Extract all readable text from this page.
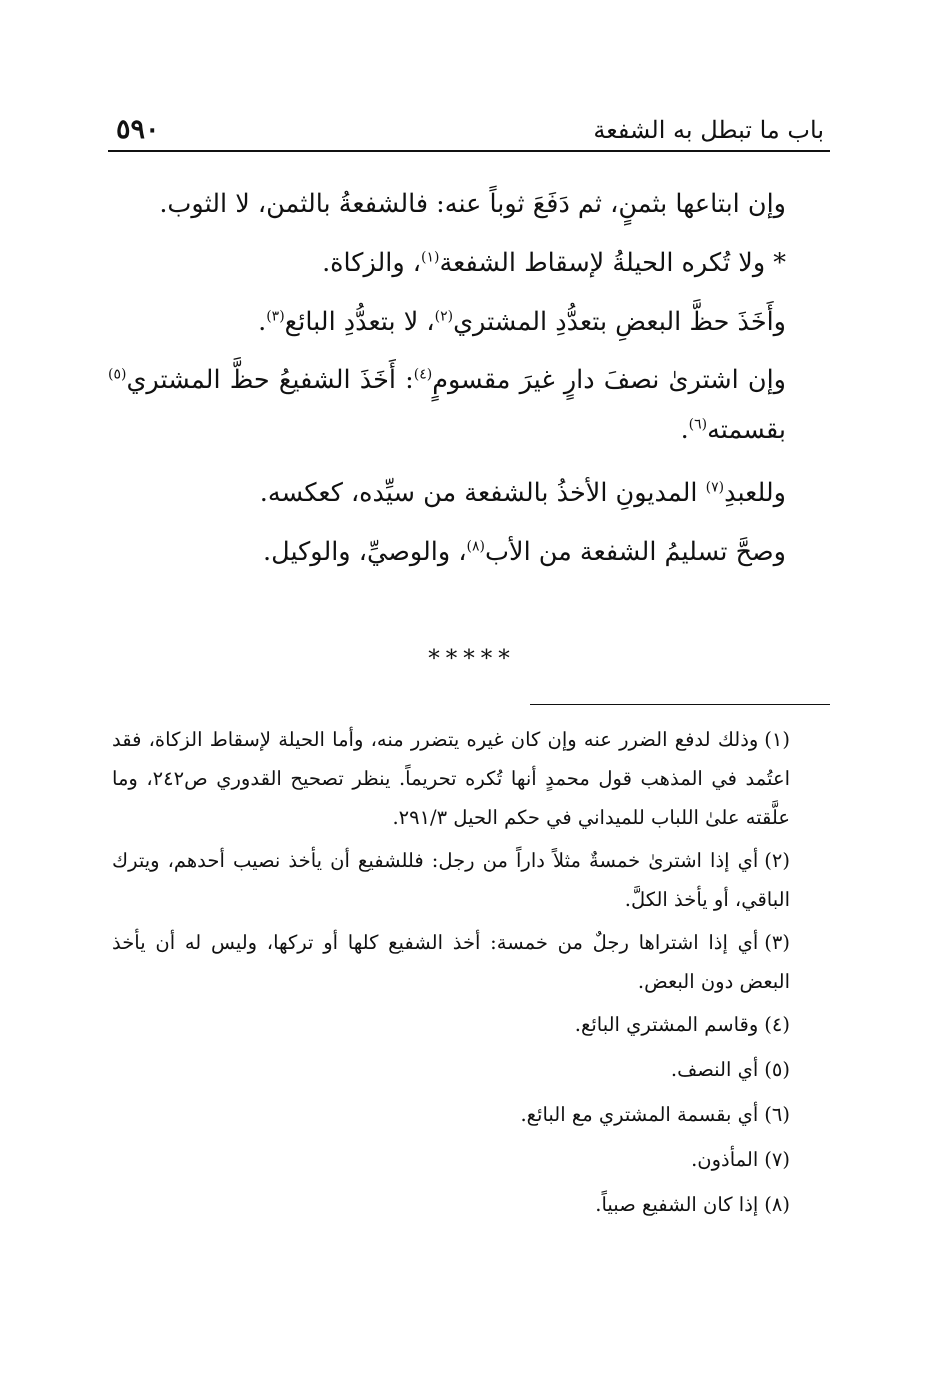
٥٩٠	باب ما تبطل به الشفعة

وإن ابتاعها بثمنٍ، ثم دَفَعَ ثوباً عنه: فالشفعةُ بالثمن، لا الثوب.

* ولا تُكره الحيلةُ لإسقاط الشفعة$^{(١)}$، والزكاة.

وأَخَذَ حظَّ البعضِ بتعدُّدِ المشتري$^{(٢)}$، لا بتعدُّدِ البائع$^{(٣)}$.

وإن اشترىٰ نصفَ دارٍ غيرَ مقسومٍ$^{(٤)}$: أَخَذَ الشفيعُ حظَّ المشتري$^{(٥)}$ بقسمته$^{(٦)}$.

وللعبدِ$^{(٧)}$ المديونِ الأخذُ بالشفعة من سيِّده، كعكسه.

وصحَّ تسليمُ الشفعة من الأب$^{(٨)}$، والوصيِّ، والوكيل.

*****

(١)وذلك لدفع الضرر عنه وإن كان غيره يتضرر منه، وأما الحيلة لإسقاط الزكاة، فقد اعتُمد في المذهب قول محمدٍ أنها تُكره تحريماً. ينظر تصحيح القدوري ص٢٤٢، وما علَّقته علىٰ اللباب للميداني في حكم الحيل ٢٩١/٣.

(٢)أي إذا اشترىٰ خمسةٌ مثلاً داراً من رجل: فللشفيع أن يأخذ نصيب أحدهم، ويترك الباقي، أو يأخذ الكلَّ.

(٣)أي إذا اشتراها رجلٌ من خمسة: أخذ الشفيع كلها أو تركها، وليس له أن يأخذ البعض دون البعض.

(٤)وقاسم المشتري البائع.

(٥)أي النصف.

(٦)أي بقسمة المشتري مع البائع.

(٧)المأذون.

(٨)إذا كان الشفيع صبياً.
